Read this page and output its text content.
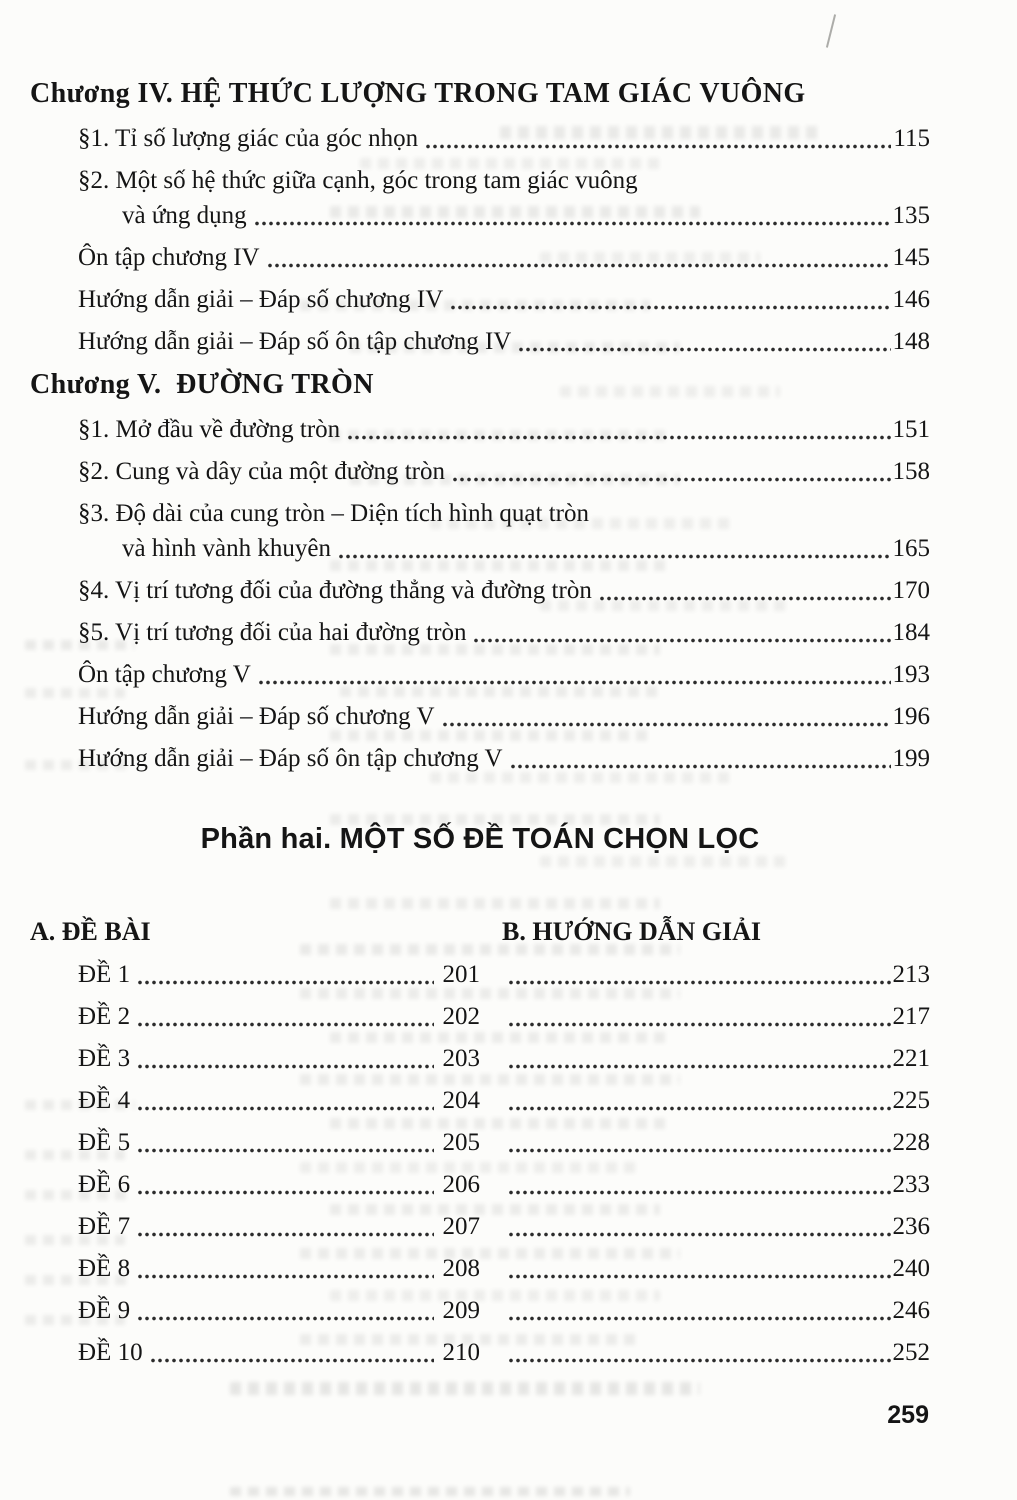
Chương IV. HỆ THỨC LƯỢNG TRONG TAM GIÁC VUÔNG
§1. Tỉ số lượng giác của góc nhọn	115
§2. Một số hệ thức giữa cạnh, góc trong tam giác vuông
và ứng dụng	135
Ôn tập chương IV	145
Hướng dẫn giải – Đáp số chương IV	146
Hướng dẫn giải – Đáp số ôn tập chương IV	148
Chương V.  ĐƯỜNG TRÒN
§1. Mở đầu về đường tròn	151
§2. Cung và dây của một đường tròn	158
§3. Độ dài của cung tròn – Diện tích hình quạt tròn
và hình vành khuyên	165
§4. Vị trí tương đối của đường thẳng và đường tròn	170
§5. Vị trí tương đối của hai đường tròn	184
Ôn tập chương V	193
Hướng dẫn giải – Đáp số chương V	196
Hướng dẫn giải – Đáp số ôn tập chương V	199
Phần hai. MỘT SỐ ĐỀ TOÁN CHỌN LỌC
A. ĐỀ BÀI	B. HƯỚNG DẪN GIẢI
ĐỀ 1	201	213
ĐỀ 2	202	217
ĐỀ 3	203	221
ĐỀ 4	204	225
ĐỀ 5	205	228
ĐỀ 6	206	233
ĐỀ 7	207	236
ĐỀ 8	208	240
ĐỀ 9	209	246
ĐỀ 10	210	252
259
